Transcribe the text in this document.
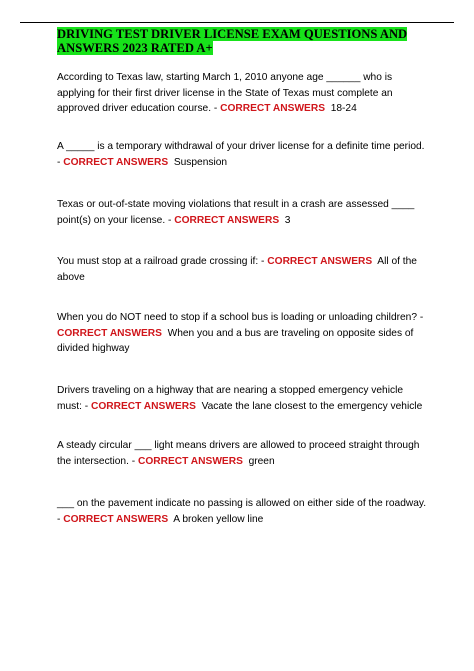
DRIVING TEST DRIVER LICENSE EXAM QUESTIONS AND ANSWERS 2023 RATED A+
According to Texas law, starting March 1, 2010 anyone age ______ who is applying for their first driver license in the State of Texas must complete an approved driver education course. - CORRECT ANSWERS 18-24
A _____ is a temporary withdrawal of your driver license for a definite time period. - CORRECT ANSWERS Suspension
Texas or out-of-state moving violations that result in a crash are assessed ____ point(s) on your license. - CORRECT ANSWERS 3
You must stop at a railroad grade crossing if: - CORRECT ANSWERS All of the above
When you do NOT need to stop if a school bus is loading or unloading children? - CORRECT ANSWERS When you and a bus are traveling on opposite sides of divided highway
Drivers traveling on a highway that are nearing a stopped emergency vehicle must: - CORRECT ANSWERS Vacate the lane closest to the emergency vehicle
A steady circular ___ light means drivers are allowed to proceed straight through the intersection. - CORRECT ANSWERS green
___ on the pavement indicate no passing is allowed on either side of the roadway. - CORRECT ANSWERS A broken yellow line
